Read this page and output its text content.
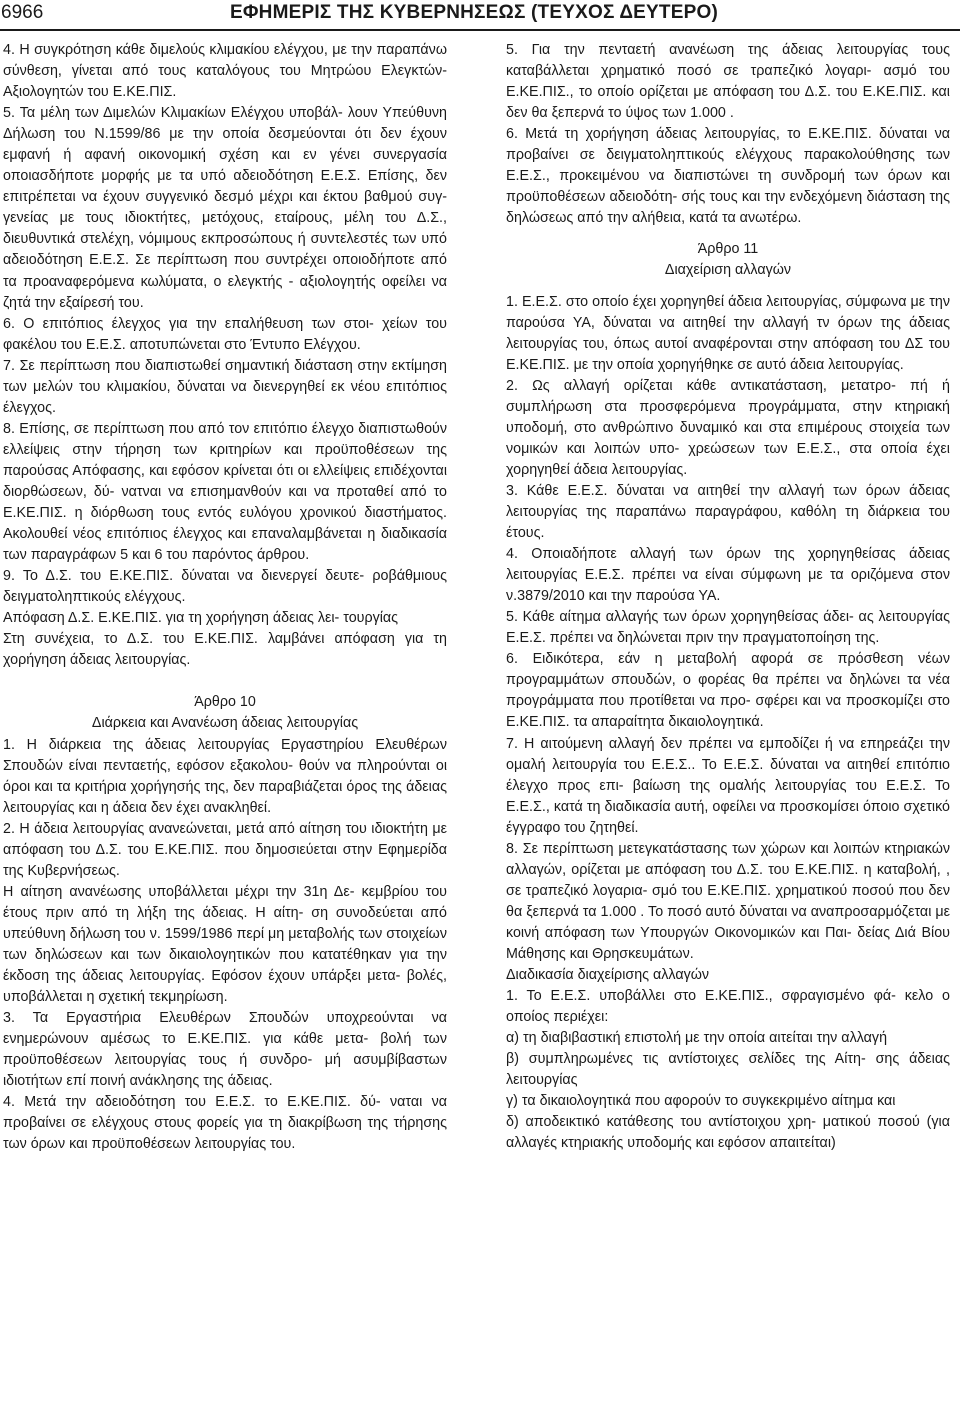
6966	ΕΦΗΜΕΡΙΣ ΤΗΣ ΚΥΒΕΡΝΗΣΕΩΣ (ΤΕΥΧΟΣ ΔΕΥΤΕΡΟ)

4. Η συγκρότηση κάθε διμελούς κλιμακίου ελέγχου, με την παραπάνω σύνθεση, γίνεται από τους καταλόγους του Μητρώου Ελεγκτών-Αξιολογητών του Ε.ΚΕ.ΠΙΣ.

5. Τα μέλη των Διμελών Κλιμακίων Ελέγχου υποβάλ- λουν Υπεύθυνη Δήλωση του Ν.1599/86 με την οποία δεσμεύονται ότι δεν έχουν εμφανή ή αφανή οικονομική σχέση και εν γένει συνεργασία οποιασδήποτε μορφής με τα υπό αδειοδότηση Ε.Ε.Σ. Επίσης, δεν επιτρέπεται να έχουν συγγενικό δεσμό μέχρι και έκτου βαθμού συγ- γενείας με τους ιδιοκτήτες, μετόχους, εταίρους, μέλη του Δ.Σ., διευθυντικά στελέχη, νόμιμους εκπροσώπους ή συντελεστές των υπό αδειοδότηση Ε.Ε.Σ. Σε περίπτωση που συντρέχει οποιοδήποτε από τα προαναφερόμενα κωλύματα, ο ελεγκτής - αξιολογητής οφείλει να ζητά την εξαίρεσή του.

6. Ο επιτόπιος έλεγχος για την επαλήθευση των στοι- χείων του φακέλου του Ε.Ε.Σ. αποτυπώνεται στο Έντυπο Ελέγχου.

7. Σε περίπτωση που διαπιστωθεί σημαντική διάσταση στην εκτίμηση των μελών του κλιμακίου, δύναται να διενεργηθεί εκ νέου επιτόπιος έλεγχος.

8. Επίσης, σε περίπτωση που από τον επιτόπιο έλεγχο διαπιστωθούν ελλείψεις στην τήρηση των κριτηρίων και προϋποθέσεων της παρούσας Απόφασης, και εφόσον κρίνεται ότι οι ελλείψεις επιδέχονται διορθώσεων, δύ- νατναι να επισημανθούν και να προταθεί από το Ε.ΚΕ.ΠΙΣ. η διόρθωση τους εντός ευλόγου χρονικού διαστήματος. Ακολουθεί νέος επιτόπιος έλεγχος και επαναλαμβάνεται η διαδικασία των παραγράφων 5 και 6 του παρόντος άρθρου.

9. Το Δ.Σ. του Ε.ΚΕ.ΠΙΣ. δύναται να διενεργεί δευτε- ροβάθμιους δειγματοληπτικούς ελέγχους.

Απόφαση Δ.Σ. Ε.ΚΕ.ΠΙΣ. για τη χορήγηση άδειας λει- τουργίας

Στη συνέχεια, το Δ.Σ. του Ε.ΚΕ.ΠΙΣ. λαμβάνει απόφαση για τη χορήγηση άδειας λειτουργίας.

Άρθρο 10

Διάρκεια και Ανανέωση άδειας λειτουργίας

1. Η διάρκεια της άδειας λειτουργίας Εργαστηρίου Ελευθέρων Σπουδών είναι πενταετής, εφόσον εξακολου- θούν να πληρούνται οι όροι και τα κριτήρια χορήγησής της, δεν παραβιάζεται όρος της άδειας λειτουργίας και η άδεια δεν έχει ανακληθεί.

2. Η άδεια λειτουργίας ανανεώνεται, μετά από αίτηση του ιδιοκτήτη με απόφαση του Δ.Σ. του Ε.ΚΕ.ΠΙΣ. που δημοσιεύεται στην Εφημερίδα της Κυβερνήσεως.

Η αίτηση ανανέωσης υποβάλλεται μέχρι την 31η Δε- κεμβρίου του έτους πριν από τη λήξη της άδειας. Η αίτη- ση συνοδεύεται από υπεύθυνη δήλωση του ν. 1599/1986 περί μη μεταβολής των στοιχείων των δηλώσεων και των δικαιολογητικών που κατατέθηκαν για την έκδοση της άδειας λειτουργίας. Εφόσον έχουν υπάρξει μετα- βολές, υποβάλλεται η σχετική τεκμηρίωση.

3. Τα Εργαστήρια Ελευθέρων Σπουδών υποχρεούνται να ενημερώνουν αμέσως το Ε.ΚΕ.ΠΙΣ. για κάθε μετα- βολή των προϋποθέσεων λειτουργίας τους ή συνδρο- μή ασυμβίβαστων ιδιοτήτων επί ποινή ανάκλησης της άδειας.

4. Μετά την αδειοδότηση του Ε.Ε.Σ. το Ε.ΚΕ.ΠΙΣ. δύ- ναται να προβαίνει σε ελέγχους στους φορείς για τη διακρίβωση της τήρησης των όρων και προϋποθέσεων λειτουργίας του.

5. Για την πενταετή ανανέωση της άδειας λειτουργίας τους καταβάλλεται χρηματικό ποσό σε τραπεζικό λογαρι- ασμό του Ε.ΚΕ.ΠΙΣ., το οποίο ορίζεται με απόφαση του Δ.Σ. του Ε.ΚΕ.ΠΙΣ. και δεν θα ξεπερνά το ύψος των 1.000 .

6. Μετά τη χορήγηση άδειας λειτουργίας, το Ε.ΚΕ.ΠΙΣ. δύναται να προβαίνει σε δειγματοληπτικούς ελέγχους παρακολούθησης των Ε.Ε.Σ., προκειμένου να διαπιστώνει τη συνδρομή των όρων και προϋποθέσεων αδειοδότη- σής τους και την ενδεχόμενη διάσταση της δηλώσεως από την αλήθεια, κατά τα ανωτέρω.

Άρθρο 11

Διαχείριση αλλαγών

1. Ε.Ε.Σ. στο οποίο έχει χορηγηθεί άδεια λειτουργίας, σύμφωνα με την παρούσα ΥΑ, δύναται να αιτηθεί την αλλαγή τν όρων της άδειας λειτουργίας του, όπως αυτοί αναφέρονται στην απόφαση του ΔΣ του Ε.ΚΕ.ΠΙΣ. με την οποία χορηγήθηκε σε αυτό άδεια λειτουργίας.

2. Ως αλλαγή ορίζεται κάθε αντικατάσταση, μετατρο- πή ή συμπλήρωση στα προσφερόμενα προγράμματα, στην κτηριακή υποδομή, στο ανθρώπινο δυναμικό και στα επιμέρους στοιχεία των νομικών και λοιπών υπο- χρεώσεων των Ε.Ε.Σ., στα οποία έχει χορηγηθεί άδεια λειτουργίας.

3. Κάθε Ε.Ε.Σ. δύναται να αιτηθεί την αλλαγή των όρων άδειας λειτουργίας της παραπάνω παραγράφου, καθόλη τη διάρκεια του έτους.

4. Οποιαδήποτε αλλαγή των όρων της χορηγηθείσας άδειας λειτουργίας Ε.Ε.Σ. πρέπει να είναι σύμφωνη με τα οριζόμενα στον ν.3879/2010 και την παρούσα ΥΑ.

5. Κάθε αίτημα αλλαγής των όρων χορηγηθείσας άδει- ας λειτουργίας Ε.Ε.Σ. πρέπει να δηλώνεται πριν την πραγματοποίηση της.

6. Ειδικότερα, εάν η μεταβολή αφορά σε πρόσθεση νέων προγραμμάτων σπουδών, ο φορέας θα πρέπει να δηλώνει τα νέα προγράμματα που προτίθεται να προ- σφέρει και να προσκομίζει στο Ε.ΚΕ.ΠΙΣ. τα απαραίτητα δικαιολογητικά.

7. Η αιτούμενη αλλαγή δεν πρέπει να εμποδίζει ή να επηρεάζει την ομαλή λειτουργία του Ε.Ε.Σ.. Το Ε.Ε.Σ. δύναται να αιτηθεί επιτόπιο έλεγχο προς επι- βαίωση της ομαλής λειτουργίας του Ε.Ε.Σ. Το Ε.Ε.Σ., κατά τη διαδικασία αυτή, οφείλει να προσκομίσει όποιο σχετικό έγγραφο του ζητηθεί.

8. Σε περίπτωση μετεγκατάστασης των χώρων και λοιπών κτηριακών αλλαγών, ορίζεται με απόφαση του Δ.Σ. του Ε.ΚΕ.ΠΙΣ. η καταβολή, , σε τραπεζικό λογαρια- σμό του Ε.ΚΕ.ΠΙΣ. χρηματικού ποσού που δεν θα ξεπερνά τα 1.000 . Το ποσό αυτό δύναται να αναπροσαρμόζεται με κοινή απόφαση των Υπουργών Οικονομικών και Παι- δείας Διά Βίου Μάθησης και Θρησκευμάτων.

Διαδικασία διαχείρισης αλλαγών

1. Το Ε.Ε.Σ. υποβάλλει στο Ε.ΚΕ.ΠΙΣ., σφραγισμένο φά- κελο ο οποίος περιέχει:

α) τη διαβιβαστική επιστολή με την οποία αιτείται την αλλαγή

β) συμπληρωμένες τις αντίστοιχες σελίδες της Αίτη- σης άδειας λειτουργίας

γ) τα δικαιολογητικά που αφορούν το συγκεκριμένο αίτημα και

δ) αποδεικτικό κατάθεσης του αντίστοιχου χρη- ματικού ποσού (για αλλαγές κτηριακής υποδομής και εφόσον απαιτείται)
